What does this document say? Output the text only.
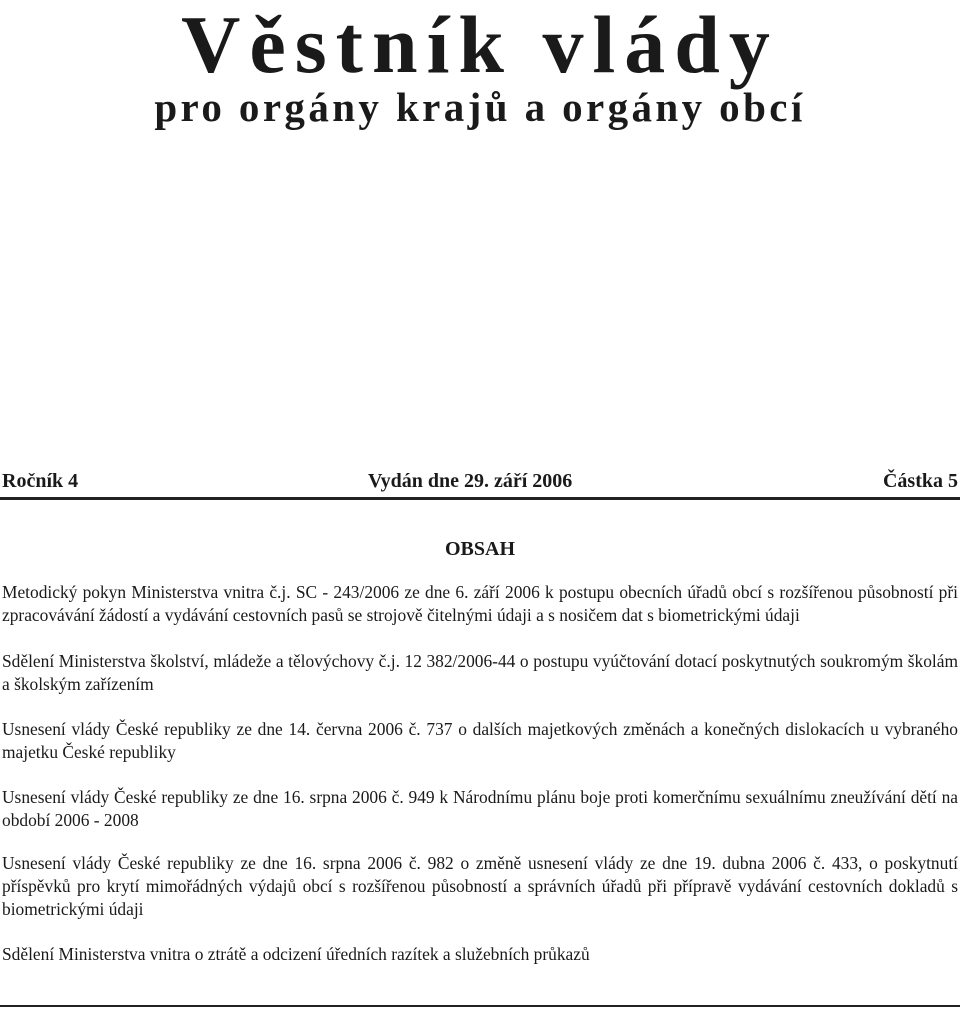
Věstník vlády
pro orgány krajů a orgány obcí
Ročník 4	Vydán dne 29. září 2006	Částka 5
OBSAH

Metodický pokyn Ministerstva vnitra č.j. SC - 243/2006 ze dne 6. září 2006 k postupu obecních úřadů obcí s rozšířenou působností při zpracovávání žádostí a vydávání cestovních pasů se strojově čitelnými údaji a s nosičem dat s biometrickými údaji

Sdělení Ministerstva školství, mládeže a tělovýchovy č.j. 12 382/2006-44 o postupu vyúčtování dotací poskytnutých soukromým školám a školským zařízením

Usnesení vlády České republiky ze dne 14. června 2006 č. 737 o dalších majetkových změnách a konečných dislokacích u vybraného majetku České republiky

Usnesení vlády České republiky ze dne 16. srpna 2006 č. 949 k Národnímu plánu boje proti komerčnímu sexuálnímu zneužívání dětí na období 2006 - 2008

Usnesení vlády České republiky ze dne 16. srpna 2006 č. 982 o změně usnesení vlády ze dne 19. dubna 2006 č. 433, o poskytnutí příspěvků pro krytí mimořádných výdajů obcí s rozšířenou působností a správních úřadů při přípravě vydávání cestovních dokladů s biometrickými údaji

Sdělení Ministerstva vnitra o ztrátě a odcizení úředních razítek a služebních průkazů
